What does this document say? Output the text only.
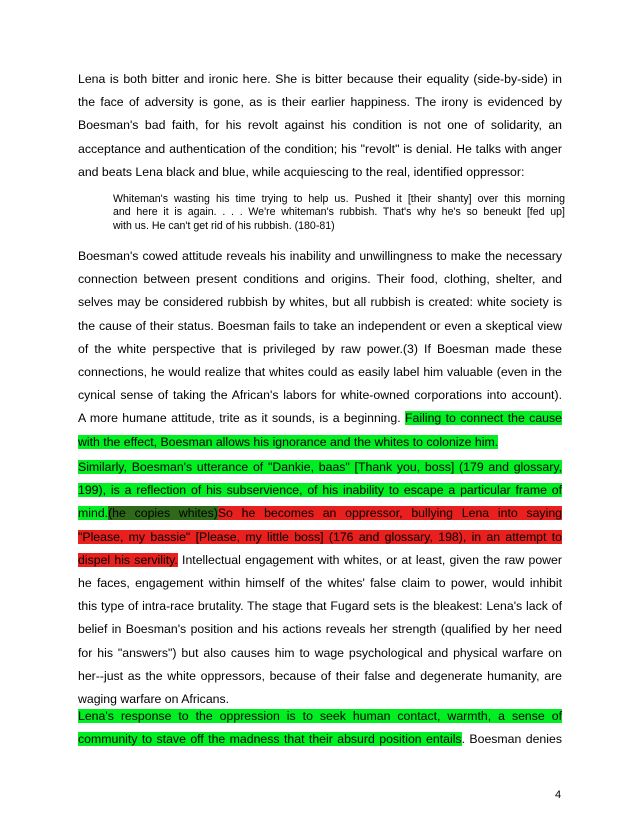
Lena is both bitter and ironic here. She is bitter because their equality (side-by-side) in
the face of adversity is gone, as is their earlier happiness. The irony is evidenced by
Boesman's bad faith, for his revolt against his condition is not one of solidarity, an
acceptance and authentication of the condition; his "revolt" is denial. He talks with anger
and beats Lena black and blue, while acquiescing to the real, identified oppressor:
Whiteman's wasting his time trying to help us. Pushed it [their shanty] over this morning
and here it is again. . . . We're whiteman's rubbish. That's why he's so beneukt [fed up]
with us. He can't get rid of his rubbish. (180-81)
Boesman's cowed attitude reveals his inability and unwillingness to make the necessary
connection between present conditions and origins. Their food, clothing, shelter, and
selves may be considered rubbish by whites, but all rubbish is created: white society is
the cause of their status. Boesman fails to take an independent or even a skeptical view
of the white perspective that is privileged by raw power.(3) If Boesman made these
connections, he would realize that whites could as easily label him valuable (even in the
cynical sense of taking the African's labors for white-owned corporations into account).
A more humane attitude, trite as it sounds, is a beginning. Failing to connect the cause
with the effect, Boesman allows his ignorance and the whites to colonize him.
Similarly, Boesman's utterance of "Dankie, baas" [Thank you, boss] (179 and glossary,
199), is a reflection of his subservience, of his inability to escape a particular frame of
mind.(he copies whites)So he becomes an oppressor, bullying Lena into saying
"Please, my bassie" [Please, my little boss] (176 and glossary, 198), in an attempt to
dispel his servility. Intellectual engagement with whites, or at least, given the raw power
he faces, engagement within himself of the whites' false claim to power, would inhibit
this type of intra-race brutality. The stage that Fugard sets is the bleakest: Lena's lack of
belief in Boesman's position and his actions reveals her strength (qualified by her need
for his "answers") but also causes him to wage psychological and physical warfare on
her--just as the white oppressors, because of their false and degenerate humanity, are
waging warfare on Africans.
Lena's response to the oppression is to seek human contact, warmth, a sense of
community to stave off the madness that their absurd position entails. Boesman denies
4
